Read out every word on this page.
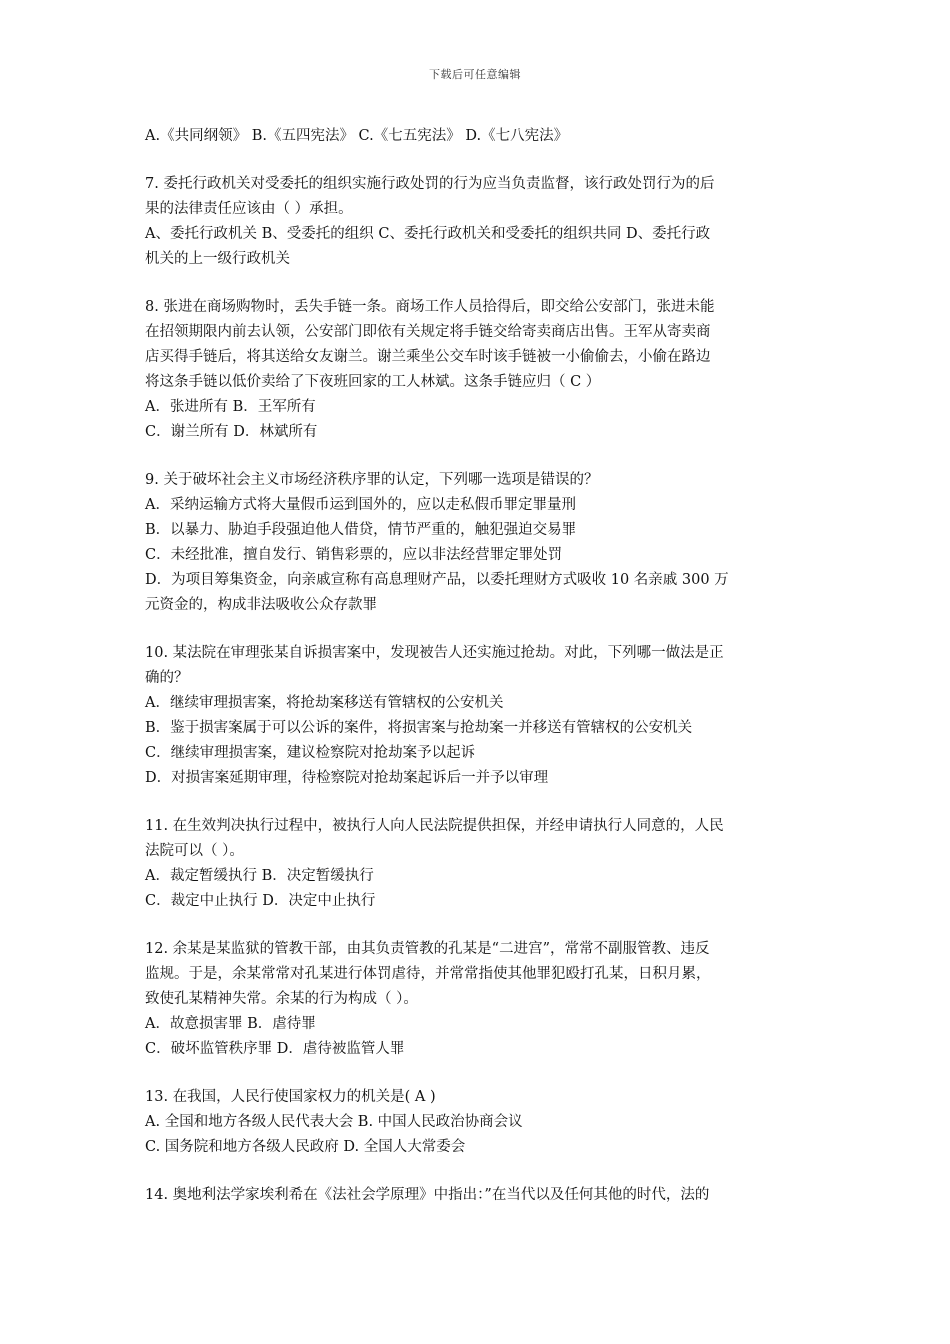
下载后可任意编辑
A.《共同纲领》 B.《五四宪法》 C.《七五宪法》 D.《七八宪法》
7. 委托行政机关对受委托的组织实施行政处罚的行为应当负责监督，该行政处罚行为的后
果的法律责任应该由（ ）承担。
A、委托行政机关 B、受委托的组织 C、委托行政机关和受委托的组织共同 D、委托行政
机关的上一级行政机关
8. 张进在商场购物时，丢失手链一条。商场工作人员拾得后，即交给公安部门，张进未能
在招领期限内前去认领，公安部门即依有关规定将手链交给寄卖商店出售。王军从寄卖商
店买得手链后，将其送给女友谢兰。谢兰乘坐公交车时该手链被一小偷偷去，小偷在路边
将这条手链以低价卖给了下夜班回家的工人林斌。这条手链应归（ C ）
A．张进所有 B．王军所有
C．谢兰所有 D．林斌所有
9. 关于破坏社会主义市场经济秩序罪的认定，下列哪一选项是错误的？
A．采纳运输方式将大量假币运到国外的，应以走私假币罪定罪量刑
B．以暴力、胁迫手段强迫他人借贷，情节严重的，触犯强迫交易罪
C．未经批准，擅自发行、销售彩票的，应以非法经营罪定罪处罚
D．为项目筹集资金，向亲戚宣称有高息理财产品，以委托理财方式吸收 10 名亲戚 300 万
元资金的，构成非法吸收公众存款罪
10. 某法院在审理张某自诉损害案中，发现被告人还实施过抢劫。对此，下列哪一做法是正
确的？
A．继续审理损害案，将抢劫案移送有管辖权的公安机关
B．鉴于损害案属于可以公诉的案件，将损害案与抢劫案一并移送有管辖权的公安机关
C．继续审理损害案，建议检察院对抢劫案予以起诉
D．对损害案延期审理，待检察院对抢劫案起诉后一并予以审理
11. 在生效判决执行过程中，被执行人向人民法院提供担保，并经申请执行人同意的，人民
法院可以（ ）。
A．裁定暂缓执行 B．决定暂缓执行
C．裁定中止执行 D．决定中止执行
12. 余某是某监狱的管教干部，由其负责管教的孔某是“二进宫”，常常不副服管教、违反
监规。于是，余某常常对孔某进行体罚虐待，并常常指使其他罪犯殴打孔某，日积月累，
致使孔某精神失常。余某的行为构成（ ）。
A．故意损害罪 B．虐待罪
C．破坏监管秩序罪 D．虐待被监管人罪
13. 在我国，人民行使国家权力的机关是( A )
A. 全国和地方各级人民代表大会 B. 中国人民政治协商会议
C. 国务院和地方各级人民政府 D. 全国人大常委会
14. 奥地利法学家埃利希在《法社会学原理》中指出：”在当代以及任何其他的时代，法的
